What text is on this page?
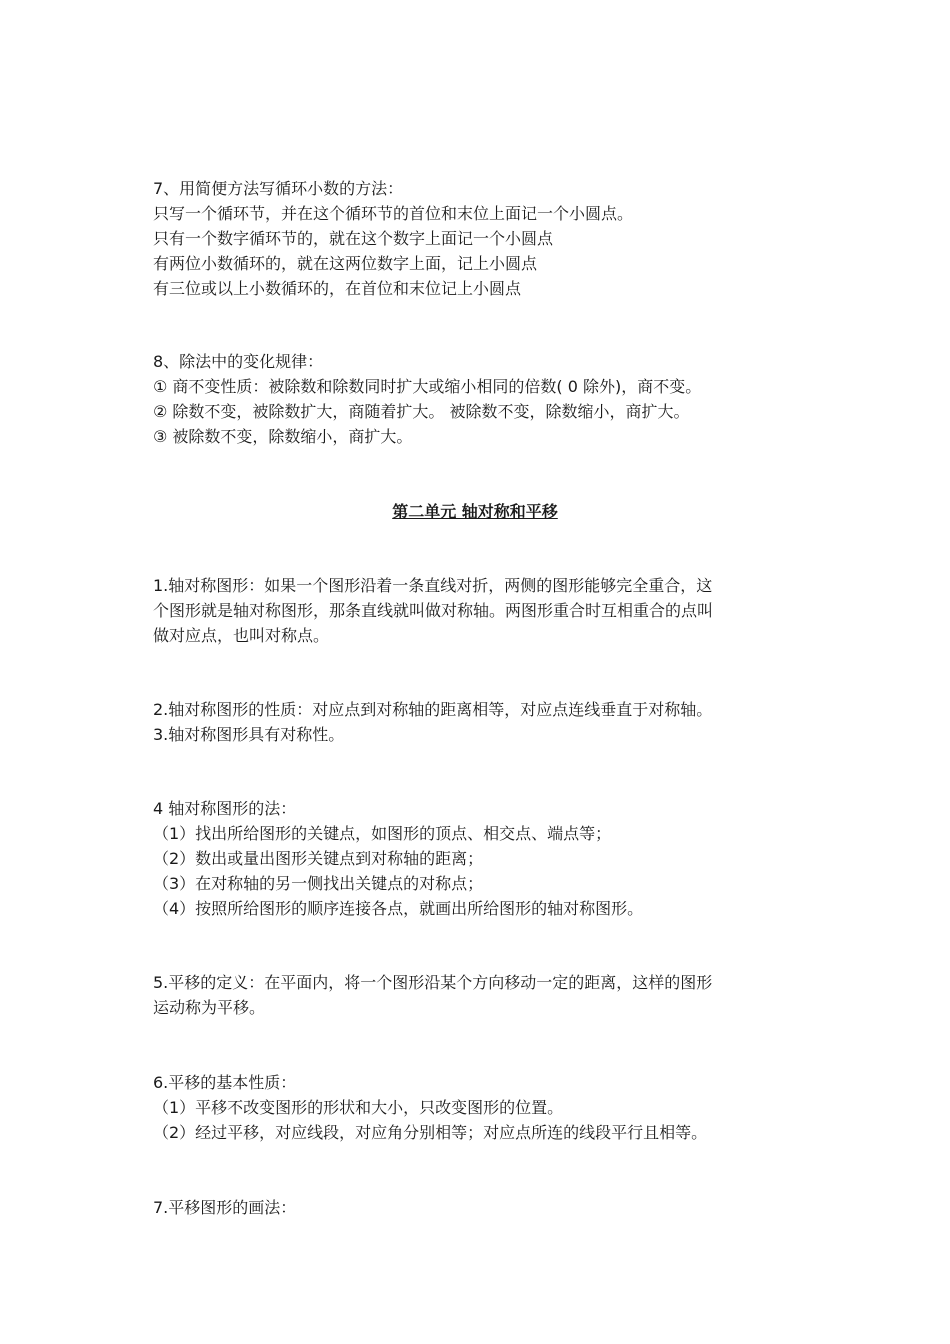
7、用简便方法写循环小数的方法：
只写一个循环节，并在这个循环节的首位和末位上面记一个小圆点。
只有一个数字循环节的，就在这个数字上面记一个小圆点
有两位小数循环的，就在这两位数字上面，记上小圆点
有三位或以上小数循环的，在首位和末位记上小圆点
8、除法中的变化规律：
① 商不变性质：被除数和除数同时扩大或缩小相同的倍数( 0 除外)，商不变。
② 除数不变，被除数扩大，商随着扩大。 被除数不变，除数缩小，商扩大。
③ 被除数不变，除数缩小，商扩大。
第二单元 轴对称和平移
1.轴对称图形：如果一个图形沿着一条直线对折，两侧的图形能够完全重合，这
个图形就是轴对称图形，那条直线就叫做对称轴。两图形重合时互相重合的点叫
做对应点，也叫对称点。
2.轴对称图形的性质：对应点到对称轴的距离相等，对应点连线垂直于对称轴。
3.轴对称图形具有对称性。
4 轴对称图形的法：
（1）找出所给图形的关键点，如图形的顶点、相交点、端点等；
（2）数出或量出图形关键点到对称轴的距离；
（3）在对称轴的另一侧找出关键点的对称点；
（4）按照所给图形的顺序连接各点，就画出所给图形的轴对称图形。
5.平移的定义：在平面内，将一个图形沿某个方向移动一定的距离，这样的图形
运动称为平移。
6.平移的基本性质：
（1）平移不改变图形的形状和大小，只改变图形的位置。
（2）经过平移，对应线段，对应角分别相等；对应点所连的线段平行且相等。
7.平移图形的画法：
